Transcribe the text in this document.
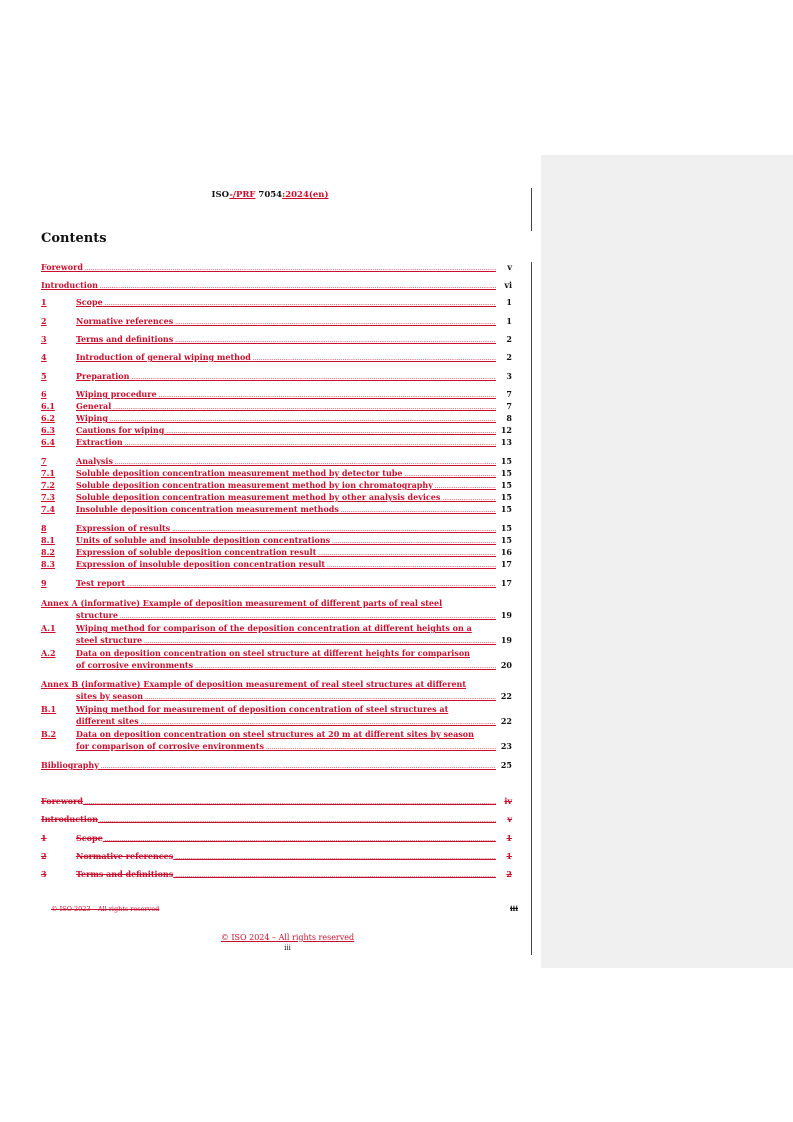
ISO-/PRF 7054:2024(en)
Contents
Foreword .....	v
Introduction .....	vi
1	Scope .....	1
2	Normative references .....	1
3	Terms and definitions .....	2
4	Introduction of general wiping method .....	2
5	Preparation .....	3
6	Wiping procedure .....	7
6.1	General .....	7
6.2	Wiping .....	8
6.3	Cautions for wiping .....	12
6.4	Extraction .....	13
7	Analysis .....	15
7.1	Soluble deposition concentration measurement method by detector tube .....	15
7.2	Soluble deposition concentration measurement method by ion chromatography .....	15
7.3	Soluble deposition concentration measurement method by other analysis devices .....	15
7.4	Insoluble deposition concentration measurement methods .....	15
8	Expression of results .....	15
8.1	Units of soluble and insoluble deposition concentrations .....	15
8.2	Expression of soluble deposition concentration result .....	16
8.3	Expression of insoluble deposition concentration result .....	17
9	Test report .....	17
Annex A (informative) Example of deposition measurement of different parts of real steel
structure .....	19
A.1	Wiping method for comparison of the deposition concentration at different heights on a
steel structure .....	19
A.2	Data on deposition concentration on steel structure at different heights for comparison
of corrosive environments .....	20
Annex B (informative) Example of deposition measurement of real steel structures at different
sites by season .....	22
B.1 Wiping method for measurement of deposition concentration of steel structures at
different sites .....	22
B.2 Data on deposition concentration on steel structures at 20 m at different sites by season
for comparison of corrosive environments .....	23
Bibliography .....	25
Foreword .....	iv
Introduction .....	v
1	Scope .....	1
2	Normative references .....	1
3	Terms and definitions .....	2
© ISO 2023 – All rights reserved	iii
© ISO 2024 – All rights reserved
iii
